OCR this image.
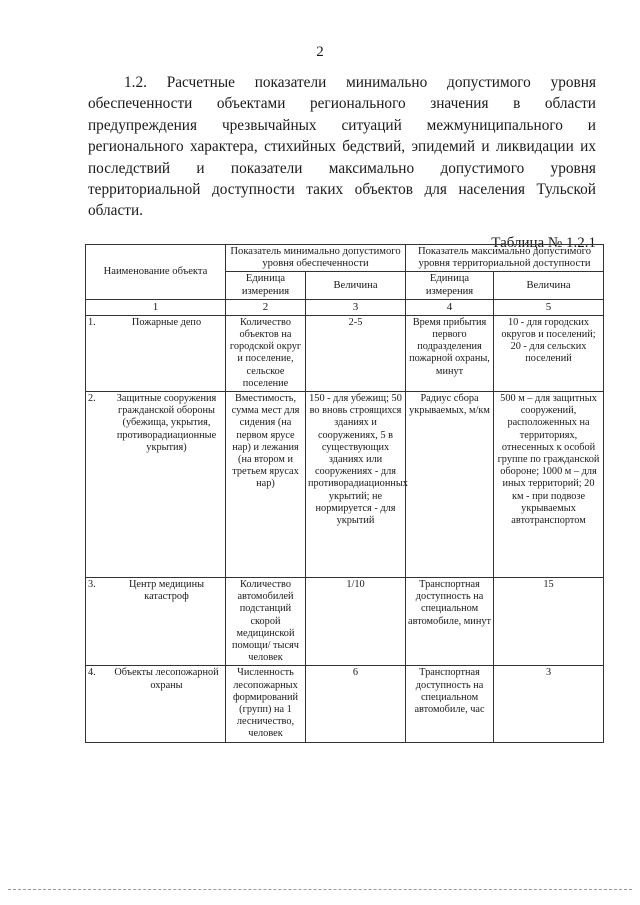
2
1.2. Расчетные показатели минимально допустимого уровня
обеспеченности объектами регионального значения в области
предупреждения чрезвычайных ситуаций межмуниципального и
регионального характера, стихийных бедствий, эпидемий и ликвидации их
последствий и показатели максимально допустимого уровня
территориальной доступности таких объектов для населения Тульской
области.
Таблица № 1.2.1
Наименование объекта	Показатель минимально допустимого уровня обеспеченности		Показатель максимально допустимого уровня территориальной доступности	
	Единица измерения	Величина	Единица измерения	Величина
1	2	3	4	5

1. Пожарные депо	Количество объектов на городской округ и поселение, сельское поселение	2-5	Время прибытия первого подразделения пожарной охраны, минут	10 - для городских округов и поселений; 20 - для сельских поселений

2. Защитные сооружения гражданской обороны (убежища, укрытия, противорадиационные укрытия)	Вместимость, сумма мест для сидения (на первом ярусе нар) и лежания (на втором и третьем ярусах нар)	150 - для убежищ; 50 во вновь строящихся зданиях и сооружениях, 5 в существующих зданиях или сооружениях - для противорадиационных укрытий; не нормируется - для укрытий	Радиус сбора укрываемых, м/км	500 м – для защитных сооружений, расположенных на территориях, отнесенных к особой группе по гражданской обороне; 1000 м – для иных территорий; 20 км - при подвозе укрываемых автотранспортом

3. Центр медицины катастроф	Количество автомобилей подстанций скорой медицинской помощи/ тысяч человек	1/10	Транспортная доступность на специальном автомобиле, минут	15

4. Объекты лесопожарной охраны	Численность лесопожарных формирований (групп) на 1 лесничество, человек	6	Транспортная доступность на специальном автомобиле, час	3
